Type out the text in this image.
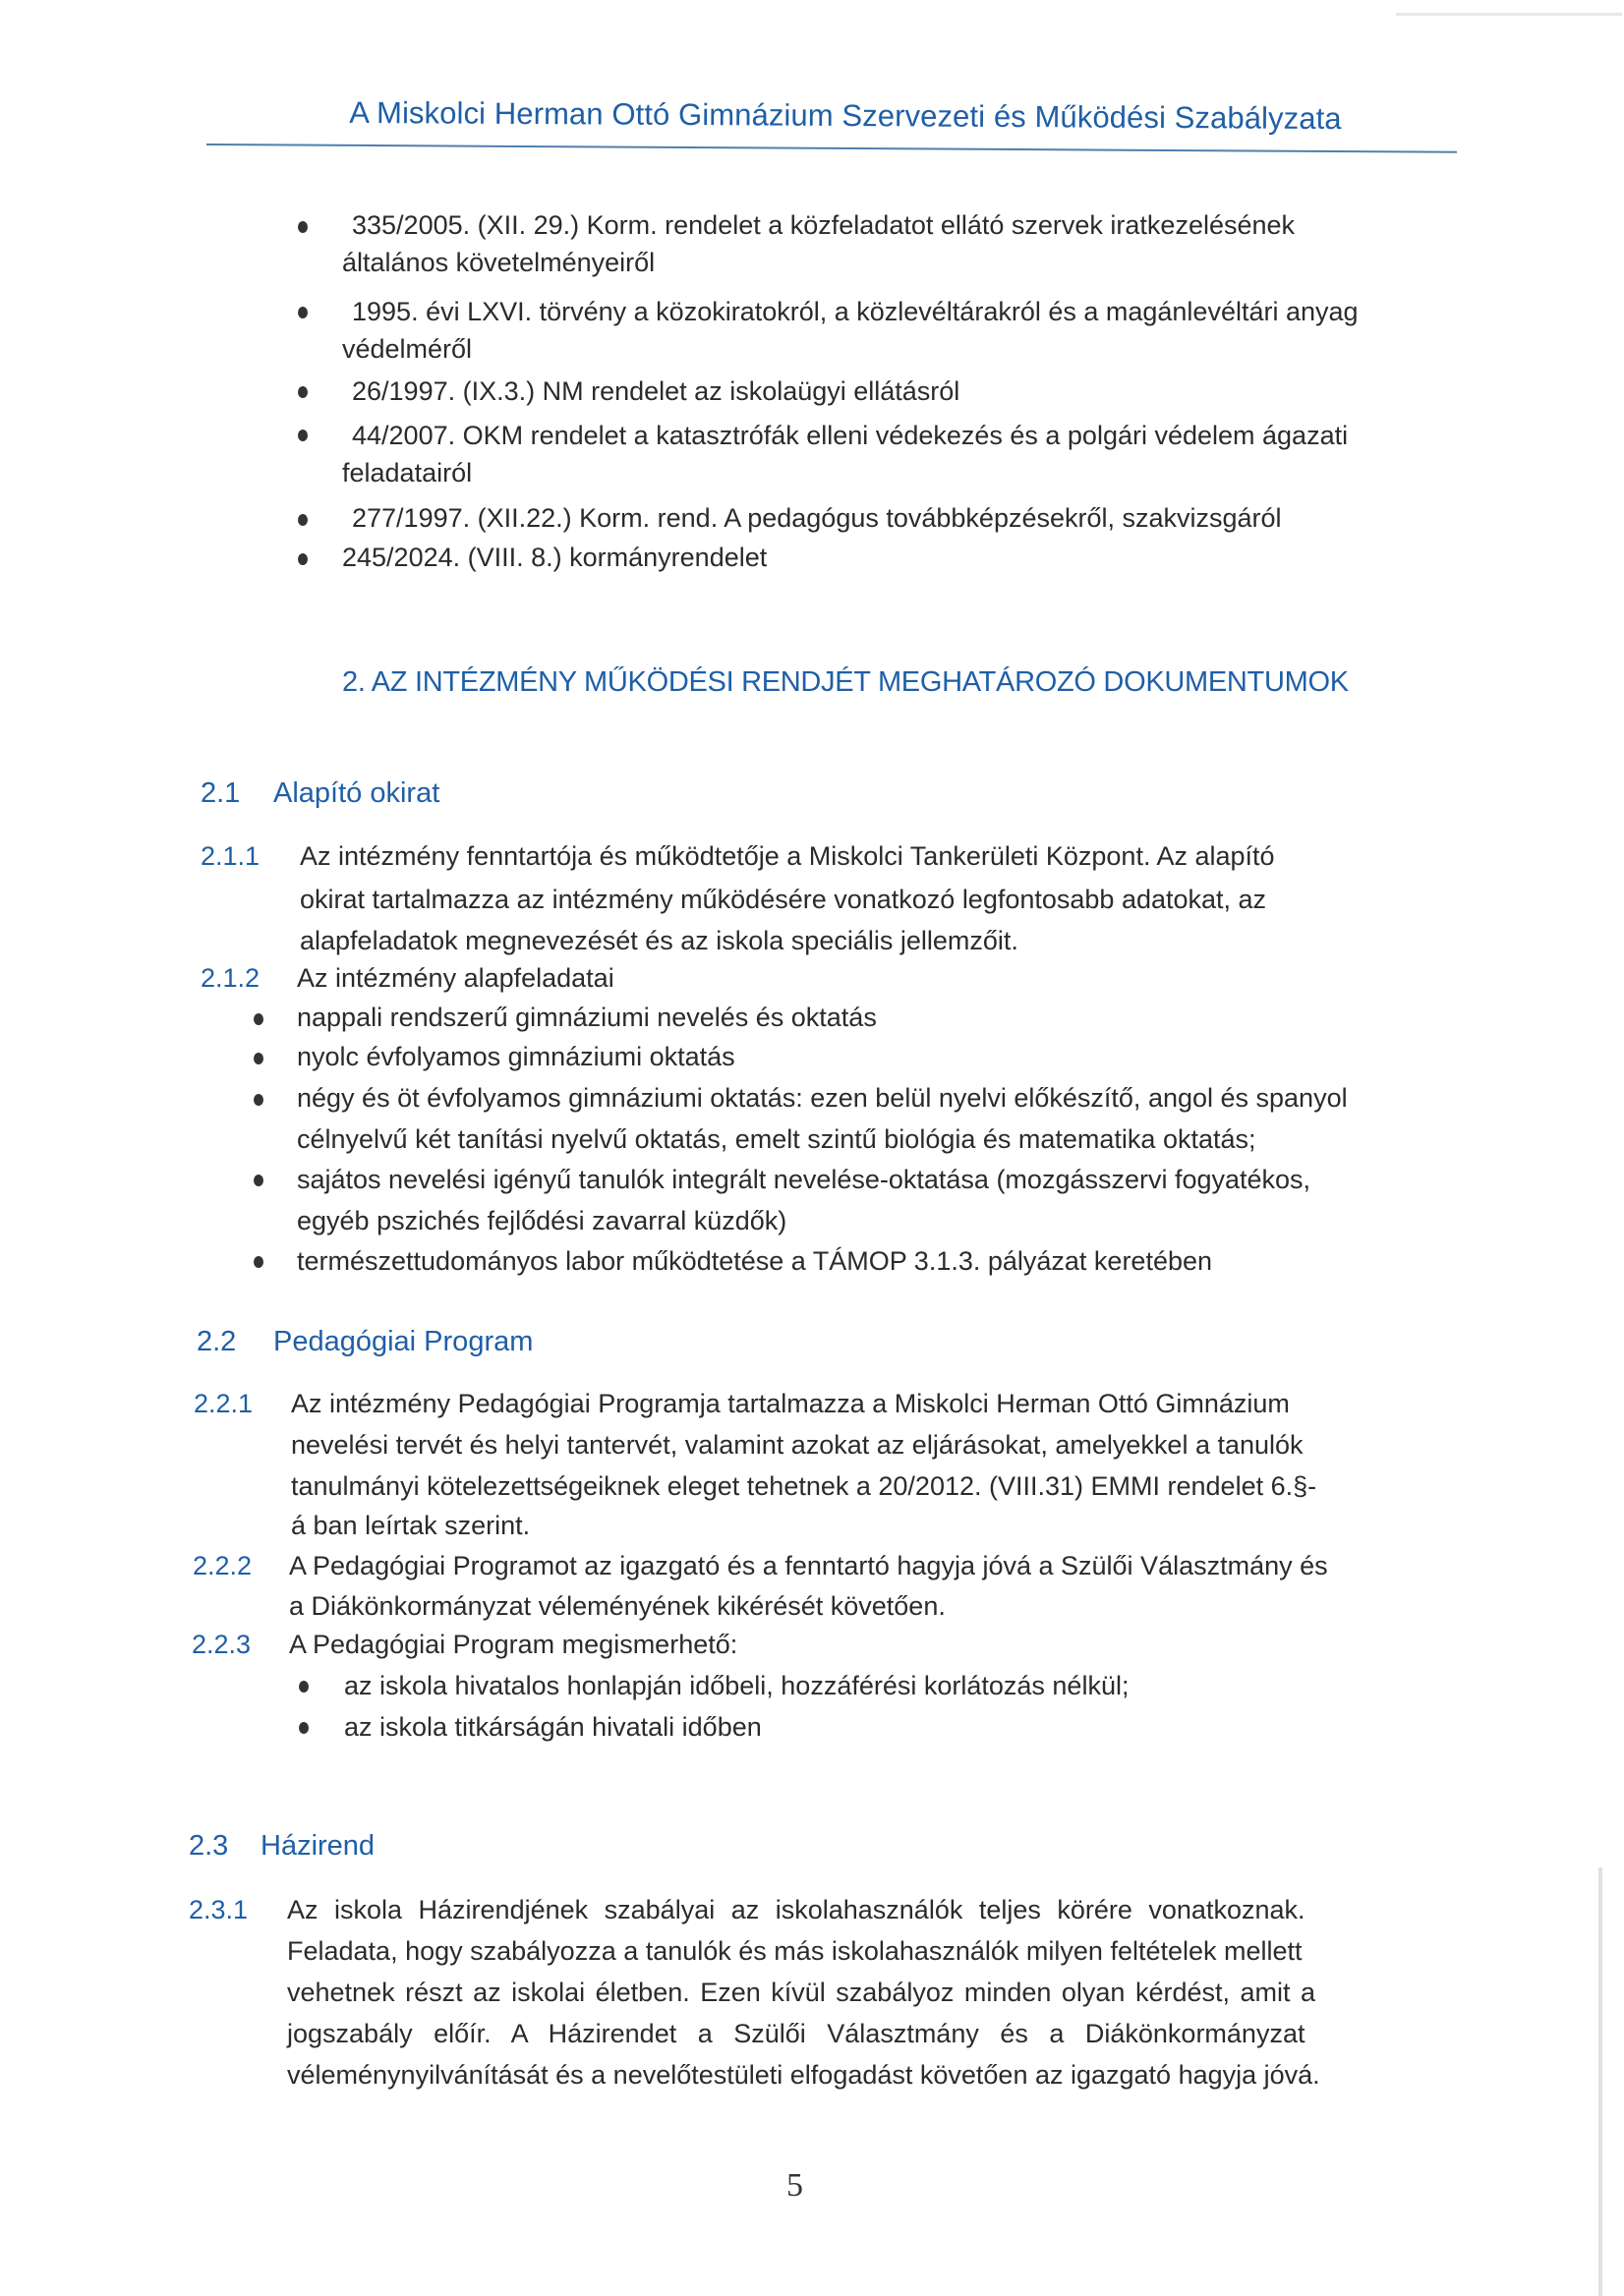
A Miskolci Herman Ottó Gimnázium Szervezeti és Működési Szabályzata
335/2005. (XII. 29.) Korm. rendelet a közfeladatot ellátó szervek iratkezelésének
általános követelményeiről
1995. évi LXVI. törvény a közokiratokról, a közlevéltárakról és a magánlevéltári anyag
védelméről
26/1997. (IX.3.) NM rendelet az iskolaügyi ellátásról
44/2007. OKM rendelet a katasztrófák elleni védekezés és a polgári védelem ágazati
feladatairól
277/1997. (XII.22.) Korm. rend. A pedagógus továbbképzésekről, szakvizsgáról
245/2024. (VIII. 8.) kormányrendelet
2. AZ INTÉZMÉNY MŰKÖDÉSI RENDJÉT MEGHATÁROZÓ DOKUMENTUMOK
2.1 Alapító okirat
2.1.1 Az intézmény fenntartója és működtetője a Miskolci Tankerületi Központ. Az alapító
okirat tartalmazza az intézmény működésére vonatkozó legfontosabb adatokat, az
alapfeladatok megnevezését és az iskola speciális jellemzőit.
2.1.2 Az intézmény alapfeladatai
nappali rendszerű gimnáziumi nevelés és oktatás
nyolc évfolyamos gimnáziumi oktatás
négy és öt évfolyamos gimnáziumi oktatás: ezen belül nyelvi előkészítő, angol és spanyol
célnyelvű két tanítási nyelvű oktatás, emelt szintű biológia és matematika oktatás;
sajátos nevelési igényű tanulók integrált nevelése-oktatása (mozgásszervi fogyatékos,
egyéb pszichés fejlődési zavarral küzdők)
természettudományos labor működtetése a TÁMOP 3.1.3. pályázat keretében
2.2 Pedagógiai Program
2.2.1 Az intézmény Pedagógiai Programja tartalmazza a Miskolci Herman Ottó Gimnázium
nevelési tervét és helyi tantervét, valamint azokat az eljárásokat, amelyekkel a tanulók
tanulmányi kötelezettségeiknek eleget tehetnek a 20/2012. (VIII.31) EMMI rendelet 6.§-
á ban leírtak szerint.
2.2.2 A Pedagógiai Programot az igazgató és a fenntartó hagyja jóvá a Szülői Választmány és
a Diákönkormányzat véleményének kikérését követően.
2.2.3 A Pedagógiai Program megismerhető:
az iskola hivatalos honlapján időbeli, hozzáférési korlátozás nélkül;
az iskola titkárságán hivatali időben
2.3 Házirend
2.3.1 Az iskola Házirendjének szabályai az iskolahasználók teljes körére vonatkoznak.
Feladata, hogy szabályozza a tanulók és más iskolahasználók milyen feltételek mellett
vehetnek részt az iskolai életben. Ezen kívül szabályoz minden olyan kérdést, amit a
jogszabály előír. A Házirendet a Szülői Választmány és a Diákönkormányzat
véleménynyilvánítását és a nevelőtestületi elfogadást követően az igazgató hagyja jóvá.
5
